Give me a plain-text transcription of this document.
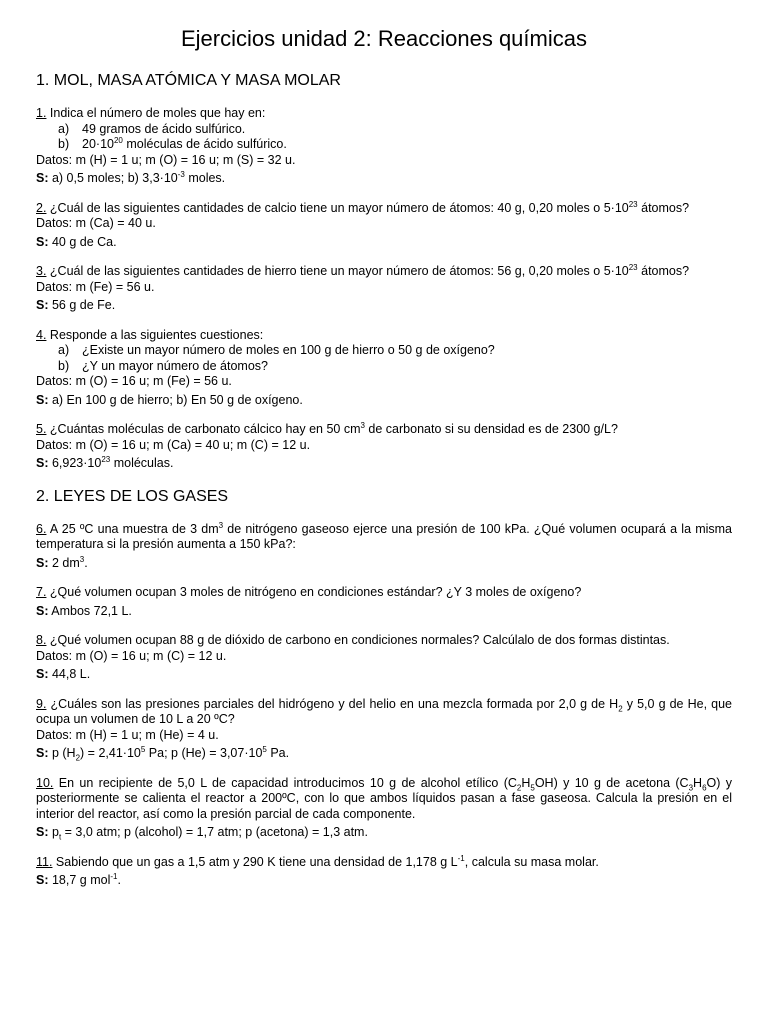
Ejercicios unidad 2: Reacciones químicas
1. MOL, MASA ATÓMICA Y MASA MOLAR

1. Indica el número de moles que hay en:

a) 49 gramos de ácido sulfúrico.

b) $20\cdot 10^{20}$ moléculas de ácido sulfúrico.

Datos: m (H) = 1 u; m (O) = 16 u; m (S) = 32 u.

S: a) 0,5 moles; b) $3,3\cdot 10^{-3}$ moles.

2. ¿Cuál de las siguientes cantidades de calcio tiene un mayor número de átomos: 40 g, 0,20 moles o $5\cdot 10^{23}$ átomos?

Datos: m (Ca) = 40 u.

S: 40 g de Ca.

3. ¿Cuál de las siguientes cantidades de hierro tiene un mayor número de átomos: 56 g, 0,20 moles o $5\cdot 10^{23}$ átomos?

Datos: m (Fe) = 56 u.

S: 56 g de Fe.

4. Responde a las siguientes cuestiones:

a) ¿Existe un mayor número de moles en 100 g de hierro o 50 g de oxígeno?

b) ¿Y un mayor número de átomos?

Datos: m (O) = 16 u; m (Fe) = 56 u.

S: a) En 100 g de hierro; b) En 50 g de oxígeno.

5. ¿Cuántas moléculas de carbonato cálcico hay en 50 $cm^3$ de carbonato si su densidad es de 2300 g/L?

Datos: m (O) = 16 u; m (Ca) = 40 u; m (C) = 12 u.

S: $6,923\cdot 10^{23}$ moléculas.

2. LEYES DE LOS GASES

6. A 25 ºC una muestra de 3 $dm^3$ de nitrógeno gaseoso ejerce una presión de 100 kPa. ¿Qué volumen ocupará a la misma temperatura si la presión aumenta a 150 kPa?:

S: 2 $dm^3$.

7. ¿Qué volumen ocupan 3 moles de nitrógeno en condiciones estándar? ¿Y 3 moles de oxígeno?

S: Ambos 72,1 L.

8. ¿Qué volumen ocupan 88 g de dióxido de carbono en condiciones normales? Calcúlalo de dos formas distintas.

Datos: m (O) = 16 u; m (C) = 12 u.

S: 44,8 L.

9. ¿Cuáles son las presiones parciales del hidrógeno y del helio en una mezcla formada por 2,0 g de $H_2$ y 5,0 g de He, que ocupa un volumen de 10 L a 20 ºC?

Datos: m (H) = 1 u; m (He) = 4 u.

S: p $(H_2) = 2,41\cdot 10^5$ Pa; p $(He) = 3,07\cdot 10^5$ Pa.

10. En un recipiente de 5,0 L de capacidad introducimos 10 g de alcohol etílico $(C_2H_5OH)$ y 10 g de acetona $(C_3H_6O)$ y posteriormente se calienta el reactor a 200ºC, con lo que ambos líquidos pasan a fase gaseosa. Calcula la presión en el interior del reactor, así como la presión parcial de cada componente.

S: $p_t = 3,0$ atm; p (alcohol) = 1,7 atm; p (acetona) = 1,3 atm.

11. Sabiendo que un gas a 1,5 atm y 290 K tiene una densidad de 1,178 g $L^{-1}$, calcula su masa molar.

S: 18,7 g mol$^{-1}$.
